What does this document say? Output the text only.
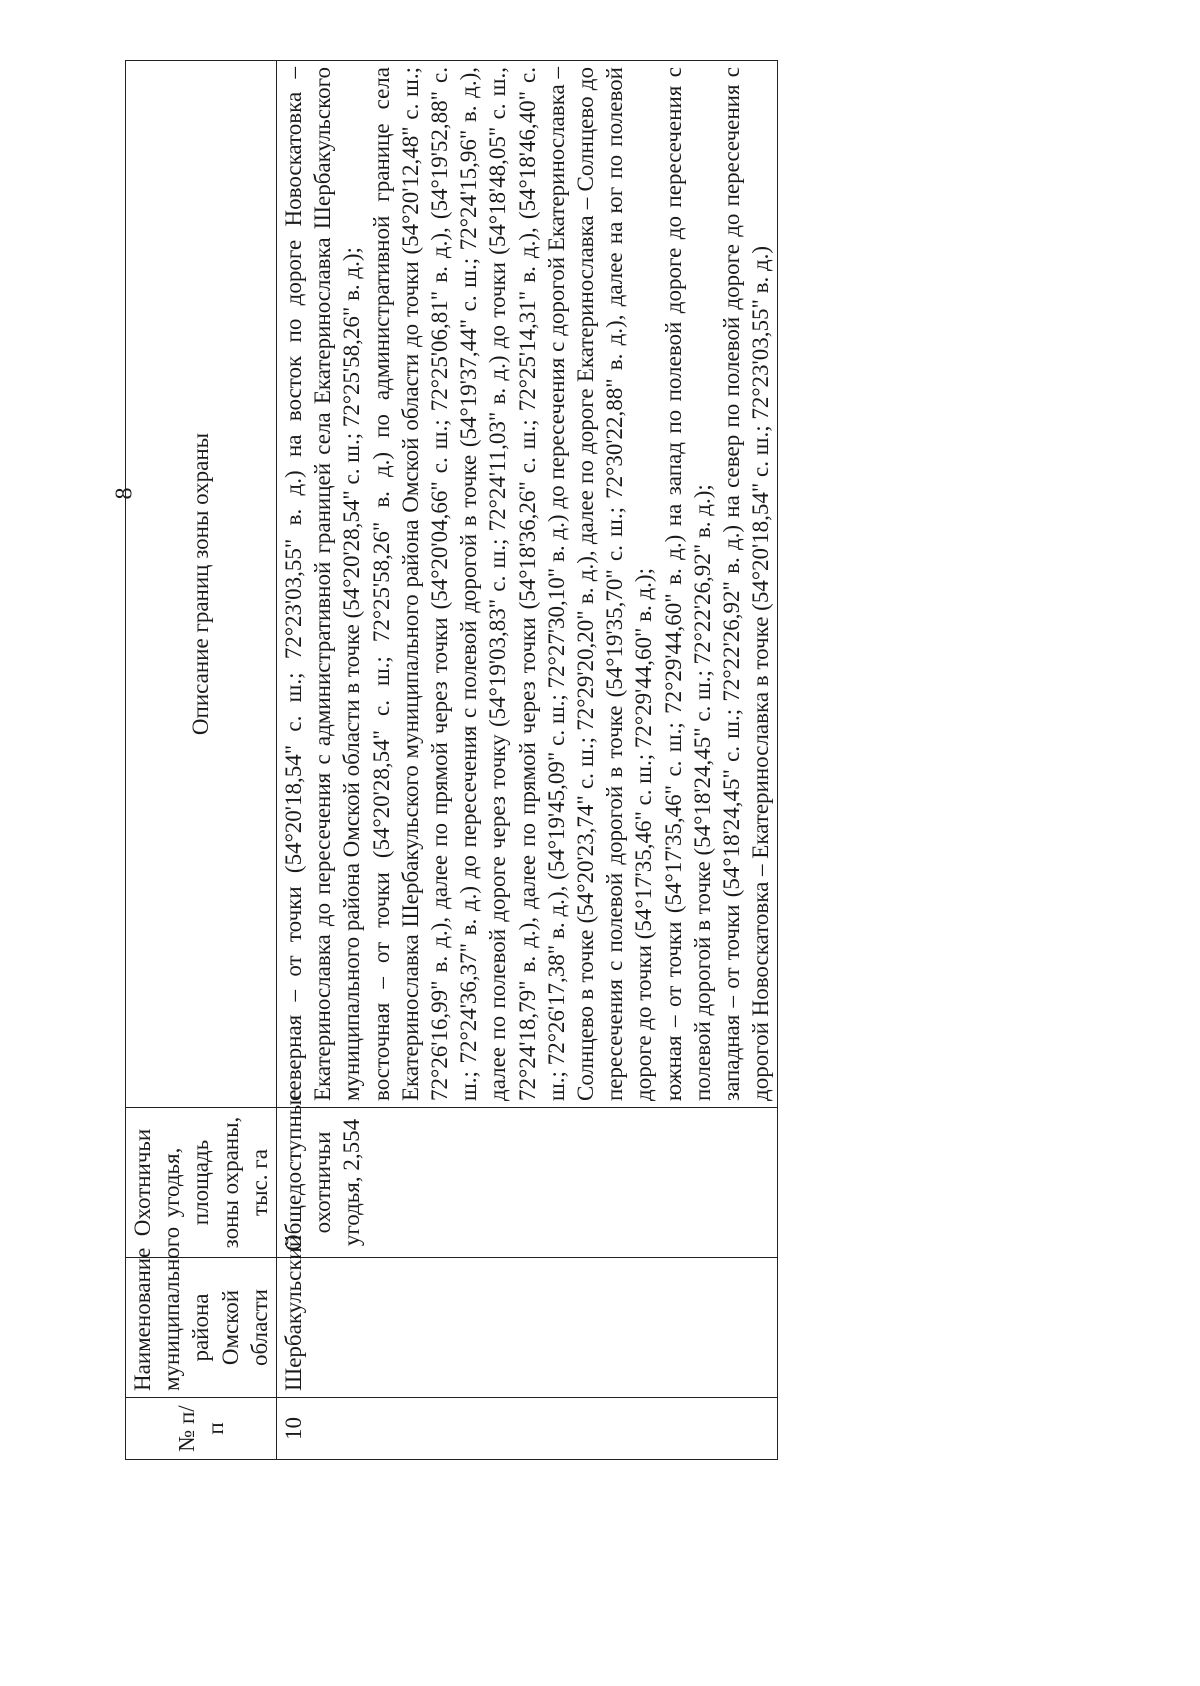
8
№ п/п	Наименование муниципального района Омской области	Охотничьи угодья, площадь зоны охраны, тыс. га	Описание границ зоны охраны
10	Шербакульский	Общедоступные охотничьи угодья, 2,554	северная – от точки (54°20'18,54" с. ш.; 72°23'03,55" в. д.) на восток по дороге Новоскатовка – Екатеринославка до пересечения с административной границей села Екатеринославка Шербакульского муниципального района Омской области в точке (54°20'28,54" с. ш.; 72°25'58,26" в. д.); восточная – от точки (54°20'28,54" с. ш.; 72°25'58,26" в. д.) по административной границе села Екатеринославка Шербакульского муниципального района Омской области до точки (54°20'12,48" с. ш.; 72°26'16,99" в. д.), далее по прямой через точки (54°20'04,66" с. ш.; 72°25'06,81" в. д.), (54°19'52,88" с. ш.; 72°24'36,37" в. д.) до пересечения с полевой дорогой в точке (54°19'37,44" с. ш.; 72°24'15,96" в. д.), далее по полевой дороге через точку (54°19'03,83" с. ш.; 72°24'11,03" в. д.) до точки (54°18'48,05" с. ш., 72°24'18,79" в. д.), далее по прямой через точки (54°18'36,26" с. ш.; 72°25'14,31" в. д.), (54°18'46,40" с. ш.; 72°26'17,38" в. д.), (54°19'45,09" с. ш.; 72°27'30,10" в. д.) до пересечения с дорогой Екатеринославка – Солнцево в точке (54°20'23,74" с. ш.; 72°29'20,20" в. д.), далее по дороге Екатеринославка – Солнцево до пересечения с полевой дорогой в точке (54°19'35,70" с. ш.; 72°30'22,88" в. д.), далее на юг по полевой дороге до точки (54°17'35,46" с. ш.; 72°29'44,60" в. д.); южная – от точки (54°17'35,46" с. ш.; 72°29'44,60" в. д.) на запад по полевой дороге до пересечения с полевой дорогой в точке (54°18'24,45" с. ш.; 72°22'26,92" в. д.); западная – от точки (54°18'24,45" с. ш.; 72°22'26,92" в. д.) на север по полевой дороге до пересечения с дорогой Новоскатовка – Екатеринославка в точке (54°20'18,54" с. ш.; 72°23'03,55" в. д.)
